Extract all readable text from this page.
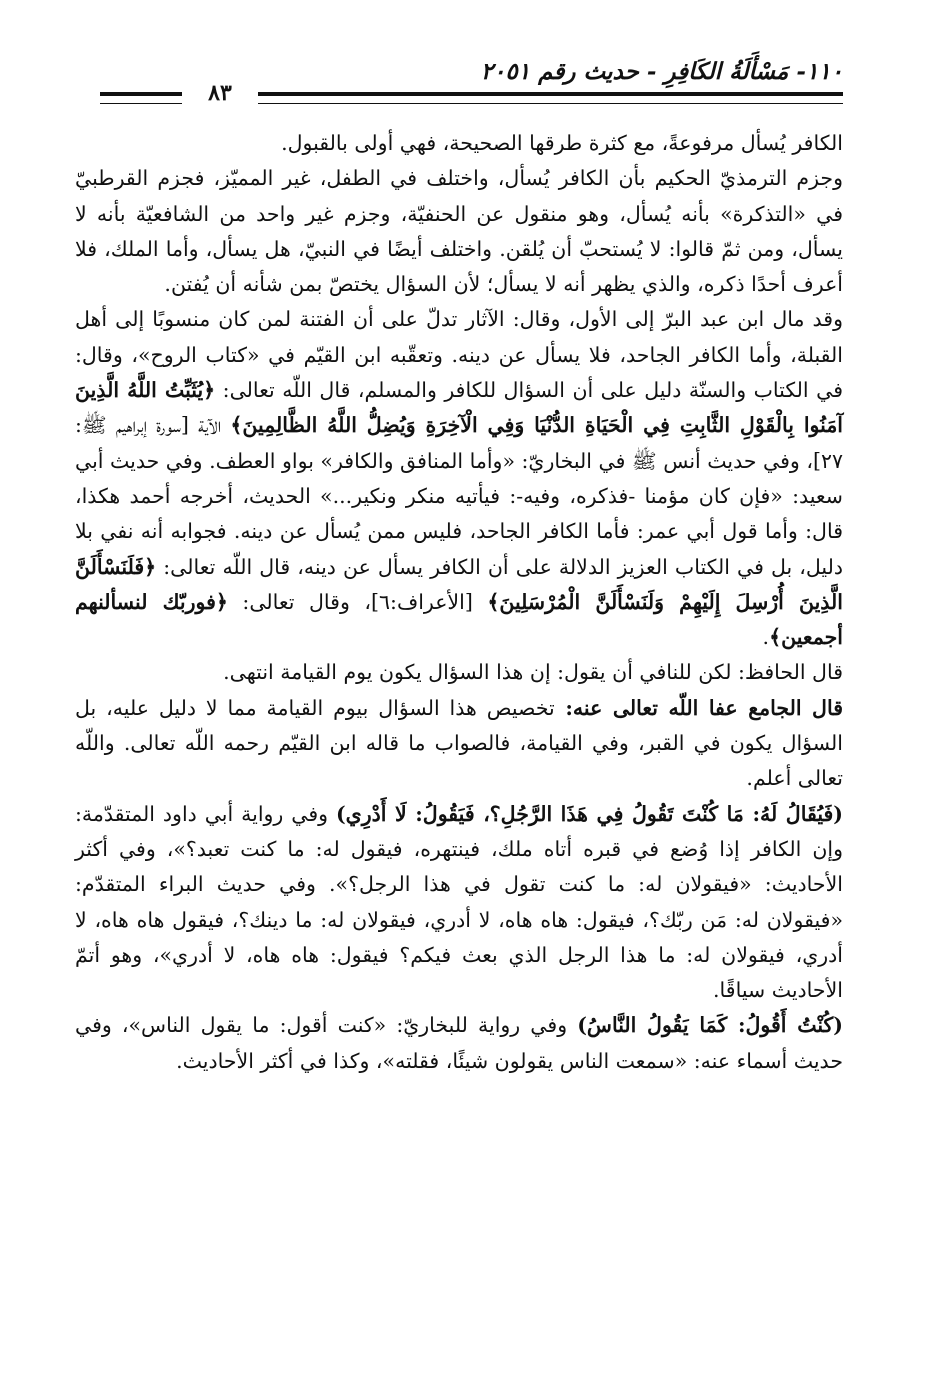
١١٠- مَسْأَلَةُ الكَافِرِ - حديث رقم ٢٠٥١
٨٣

الكافر يُسأل مرفوعةً، مع كثرة طرقها الصحيحة، فهي أولى بالقبول.

وجزم الترمذيّ الحكيم بأن الكافر يُسأل، واختلف في الطفل، غير المميّز، فجزم القرطبيّ في «التذكرة» بأنه يُسأل، وهو منقول عن الحنفيّة، وجزم غير واحد من الشافعيّة بأنه لا يسأل، ومن ثمّ قالوا: لا يُستحبّ أن يُلقن. واختلف أيضًا في النبيّ، هل يسأل، وأما الملك، فلا أعرف أحدًا ذكره، والذي يظهر أنه لا يسأل؛ لأن السؤال يختصّ بمن شأنه أن يُفتن.

وقد مال ابن عبد البرّ إلى الأول، وقال: الآثار تدلّ على أن الفتنة لمن كان منسوبًا إلى أهل القبلة، وأما الكافر الجاحد، فلا يسأل عن دينه. وتعقّبه ابن القيّم في «كتاب الروح»، وقال: في الكتاب والسنّة دليل على أن السؤال للكافر والمسلم، قال اللّه تعالى: ﴿يُثَبِّتُ اللَّهُ الَّذِينَ آمَنُوا بِالْقَوْلِ الثَّابِتِ فِي الْحَيَاةِ الدُّنْيَا وَفِي الْآخِرَةِ وَيُضِلُّ اللَّهُ الظَّالِمِينَ﴾ الآية [سورة إبراهيم ﷺ: ٢٧]، وفي حديث أنس ﷺ في البخاريّ: «وأما المنافق والكافر» بواو العطف. وفي حديث أبي سعيد: «فإن كان مؤمنا -فذكره، وفيه-: فيأتيه منكر ونكير...» الحديث، أخرجه أحمد هكذا، قال: وأما قول أبي عمر: فأما الكافر الجاحد، فليس ممن يُسأل عن دينه. فجوابه أنه نفي بلا دليل، بل في الكتاب العزيز الدلالة على أن الكافر يسأل عن دينه، قال اللّه تعالى: ﴿فَلَنَسْأَلَنَّ الَّذِينَ أُرْسِلَ إِلَيْهِمْ وَلَنَسْأَلَنَّ الْمُرْسَلِينَ﴾ [الأعراف:٦]، وقال تعالى: ﴿فوربّك لنسألنهم أجمعين﴾.

قال الحافظ: لكن للنافي أن يقول: إن هذا السؤال يكون يوم القيامة انتهى.

قال الجامع عفا اللّه تعالى عنه: تخصيص هذا السؤال بيوم القيامة مما لا دليل عليه، بل السؤال يكون في القبر، وفي القيامة، فالصواب ما قاله ابن القيّم رحمه اللّه تعالى. واللّه تعالى أعلم.

(فَيُقَالُ لَهُ: مَا كُنْتَ تَقُولُ فِي هَذَا الرَّجُلِ؟، فَيَقُولُ: لَا أَدْرِي) وفي رواية أبي داود المتقدّمة: وإن الكافر إذا وُضع في قبره أتاه ملك، فينتهره، فيقول له: ما كنت تعبد؟»، وفي أكثر الأحاديث: «فيقولان له: ما كنت تقول في هذا الرجل؟». وفي حديث البراء المتقدّم: «فيقولان له: مَن ربّك؟، فيقول: هاه هاه، لا أدري، فيقولان له: ما دينك؟، فيقول هاه هاه، لا أدري، فيقولان له: ما هذا الرجل الذي بعث فيكم؟ فيقول: هاه هاه، لا أدري»، وهو أتمّ الأحاديث سياقًا.

(كُنْتُ أَقُولُ: كَمَا يَقُولُ النَّاسُ) وفي رواية للبخاريّ: «كنت أقول: ما يقول الناس»، وفي حديث أسماء عنه: «سمعت الناس يقولون شيئًا، فقلته»، وكذا في أكثر الأحاديث.
